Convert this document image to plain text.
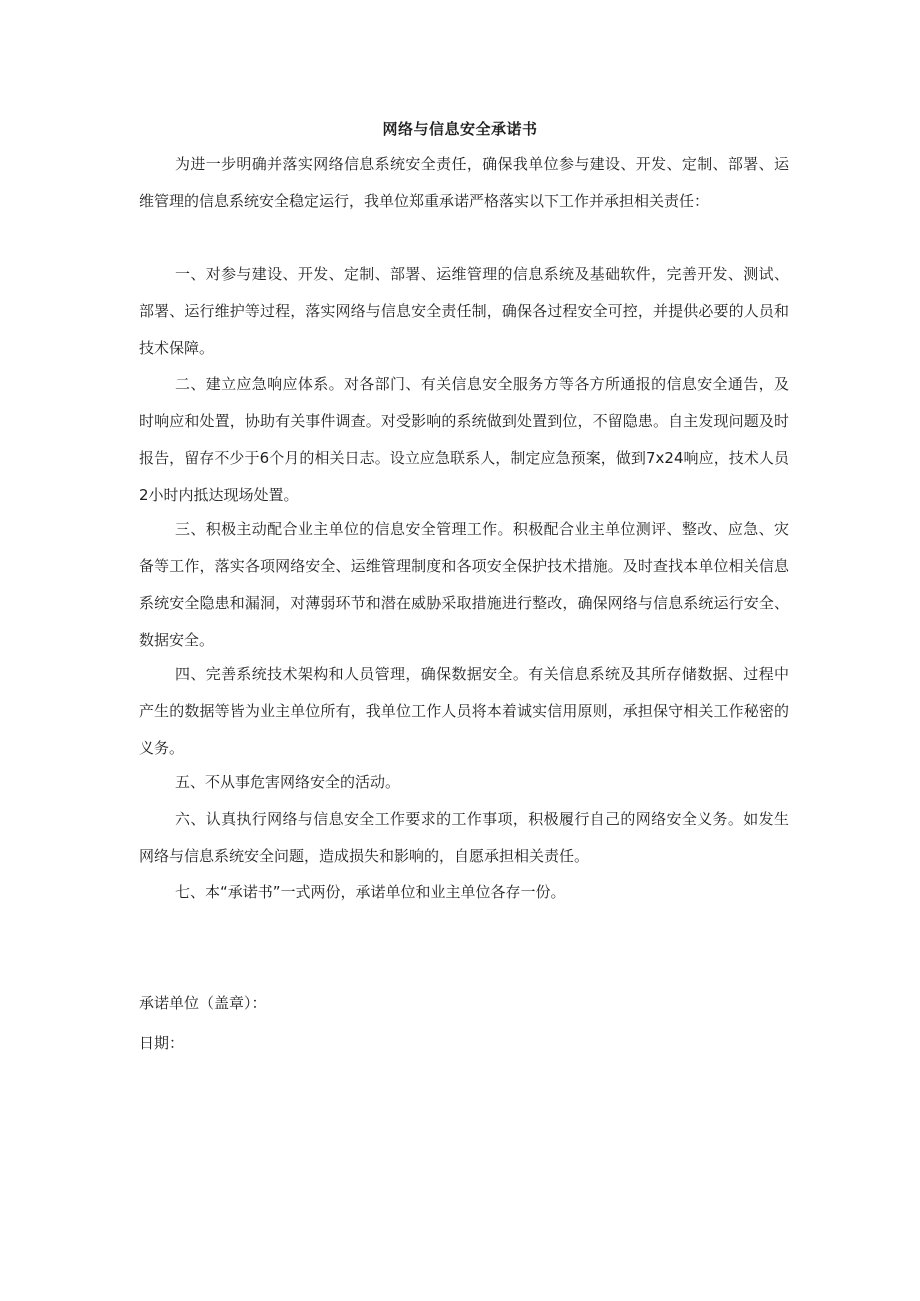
网络与信息安全承诺书

为进一步明确并落实网络信息系统安全责任，确保我单位参与建设、开发、定制、部署、运维管理的信息系统安全稳定运行，我单位郑重承诺严格落实以下工作并承担相关责任：

一、对参与建设、开发、定制、部署、运维管理的信息系统及基础软件，完善开发、测试、部署、运行维护等过程，落实网络与信息安全责任制，确保各过程安全可控，并提供必要的人员和技术保障。

二、建立应急响应体系。对各部门、有关信息安全服务方等各方所通报的信息安全通告，及时响应和处置，协助有关事件调查。对受影响的系统做到处置到位，不留隐患。自主发现问题及时报告，留存不少于6个月的相关日志。设立应急联系人，制定应急预案，做到7x24响应，技术人员2小时内抵达现场处置。

三、积极主动配合业主单位的信息安全管理工作。积极配合业主单位测评、整改、应急、灾备等工作，落实各项网络安全、运维管理制度和各项安全保护技术措施。及时查找本单位相关信息系统安全隐患和漏洞，对薄弱环节和潜在威胁采取措施进行整改，确保网络与信息系统运行安全、数据安全。

四、完善系统技术架构和人员管理，确保数据安全。有关信息系统及其所存储数据、过程中产生的数据等皆为业主单位所有，我单位工作人员将本着诚实信用原则，承担保守相关工作秘密的义务。

五、不从事危害网络安全的活动。

六、认真执行网络与信息安全工作要求的工作事项，积极履行自己的网络安全义务。如发生网络与信息系统安全问题，造成损失和影响的，自愿承担相关责任。

七、本“承诺书”一式两份，承诺单位和业主单位各存一份。

承诺单位（盖章）：

日期：
